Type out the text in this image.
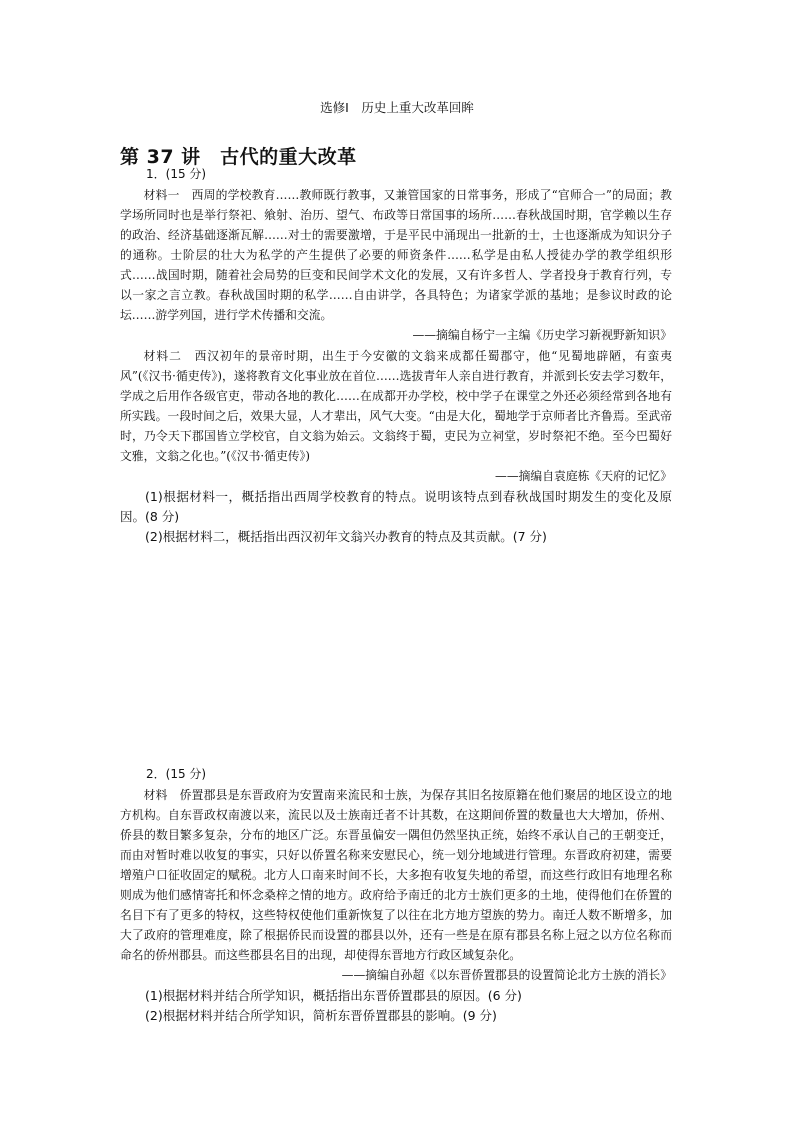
选修Ⅰ　历史上重大改革回眸
第 37 讲　古代的重大改革
1．(15 分)

材料一　西周的学校教育……教师既行教事，又兼管国家的日常事务，形成了“官师合一”的局面；教学场所同时也是举行祭祀、飨射、治历、望气、布政等日常国事的场所……春秋战国时期，官学赖以生存的政治、经济基础逐渐瓦解……对士的需要激增，于是平民中涌现出一批新的士，士也逐渐成为知识分子的通称。士阶层的壮大为私学的产生提供了必要的师资条件……私学是由私人授徒办学的教学组织形式……战国时期，随着社会局势的巨变和民间学术文化的发展，又有许多哲人、学者投身于教育行列，专以一家之言立教。春秋战国时期的私学……自由讲学，各具特色；为诸家学派的基地；是参议时政的论坛……游学列国，进行学术传播和交流。

——摘编自杨宁一主编《历史学习新视野新知识》

材料二　西汉初年的景帝时期，出生于今安徽的文翁来成都任蜀郡守，他“见蜀地辟陋，有蛮夷风”(《汉书·循吏传》)，遂将教育文化事业放在首位……选拔青年人亲自进行教育，并派到长安去学习数年，学成之后用作各级官吏，带动各地的教化……在成都开办学校，校中学子在课堂之外还必须经常到各地有所实践。一段时间之后，效果大显，人才辈出，风气大变。“由是大化，蜀地学于京师者比齐鲁焉。至武帝时，乃令天下郡国皆立学校官，自文翁为始云。文翁终于蜀，吏民为立祠堂，岁时祭祀不绝。至今巴蜀好文雅，文翁之化也。”(《汉书·循吏传》)

——摘编自袁庭栋《天府的记忆》

(1)根据材料一，概括指出西周学校教育的特点。说明该特点到春秋战国时期发生的变化及原因。(8 分)

(2)根据材料二，概括指出西汉初年文翁兴办教育的特点及其贡献。(7 分)

2．(15 分)

材料　侨置郡县是东晋政府为安置南来流民和士族，为保存其旧名按原籍在他们聚居的地区设立的地方机构。自东晋政权南渡以来，流民以及士族南迁者不计其数，在这期间侨置的数量也大大增加，侨州、侨县的数目繁多复杂，分布的地区广泛。东晋虽偏安一隅但仍然坚执正统，始终不承认自己的王朝变迁，而由对暂时难以收复的事实，只好以侨置名称来安慰民心，统一划分地域进行管理。东晋政府初建，需要增殖户口征收固定的赋税。北方人口南来时间不长，大多抱有收复失地的希望，而这些行政旧有地理名称则成为他们感情寄托和怀念桑梓之情的地方。政府给予南迁的北方士族们更多的土地，使得他们在侨置的名目下有了更多的特权，这些特权使他们重新恢复了以往在北方地方望族的势力。南迁人数不断增多，加大了政府的管理难度，除了根据侨民而设置的郡县以外，还有一些是在原有郡县名称上冠之以方位名称而命名的侨州郡县。而这些郡县名目的出现，却使得东晋地方行政区域复杂化。

——摘编自孙超《以东晋侨置郡县的设置简论北方士族的消长》

(1)根据材料并结合所学知识，概括指出东晋侨置郡县的原因。(6 分)

(2)根据材料并结合所学知识，简析东晋侨置郡县的影响。(9 分)
